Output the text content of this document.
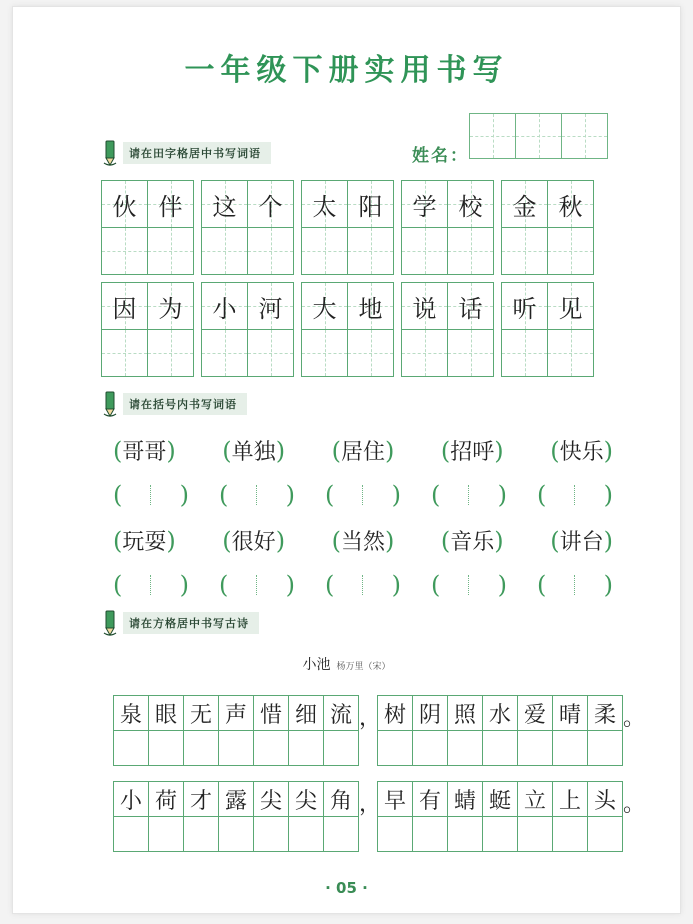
一年级下册实用书写
姓名：
请在田字格居中书写词语
伙 伴 这 个 太 阳 学 校 金 秋
因 为 小 河 大 地 说 话 听 见
请在括号内书写词语
( 哥哥 ) ( 单独 ) ( 居住 ) ( 招呼 ) ( 快乐 )
( ) ( ) ( ) ( ) ( )
( 玩耍 ) ( 很好 ) ( 当然 ) ( 音乐 ) ( 讲台 )
( ) ( ) ( ) ( ) ( )
请在方格居中书写古诗
小池 杨万里（宋）
泉 眼 无 声 惜 细 流 ， 树 阴 照 水 爱 晴 柔 。
小 荷 才 露 尖 尖 角 ， 早 有 蜻 蜓 立 上 头 。
· 05 ·
